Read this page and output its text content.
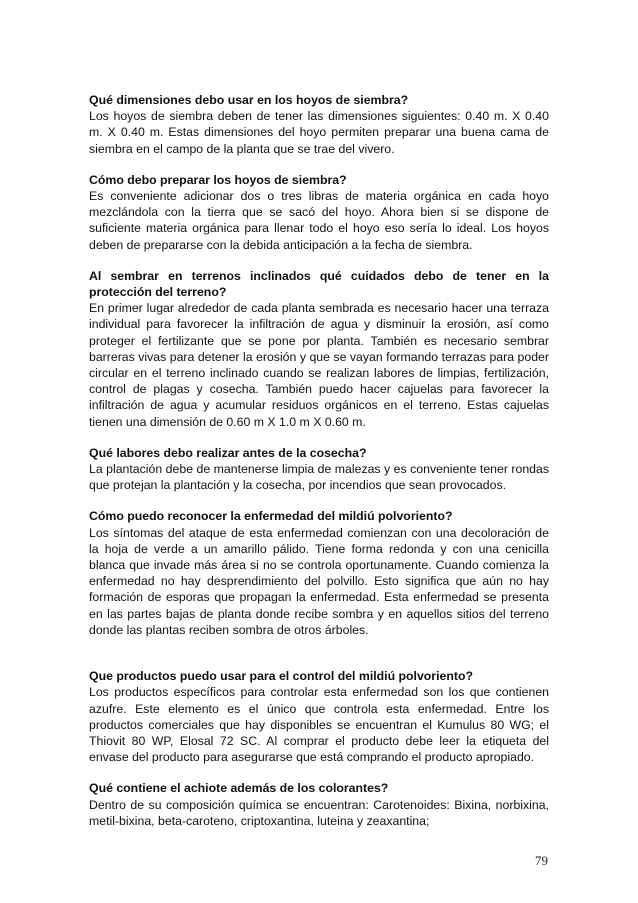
Qué dimensiones debo usar en los hoyos de siembra?

Los hoyos de siembra deben de tener las dimensiones siguientes: 0.40 m. X 0.40 m. X 0.40 m. Estas dimensiones del hoyo permiten preparar una buena cama de siembra en el campo de la planta que se trae del vivero.

Cómo debo preparar los hoyos de siembra?

Es conveniente adicionar dos o tres libras de materia orgánica en cada hoyo mezclándola con la tierra que se sacó del hoyo. Ahora bien si se dispone de suficiente materia orgánica para llenar todo el hoyo eso sería lo ideal. Los hoyos deben de prepararse con la debida anticipación a la fecha de siembra.

Al sembrar en terrenos inclinados qué cuidados debo de tener en la protección del terreno?

En primer lugar alrededor de cada planta sembrada es necesario hacer una terraza individual para favorecer la infiltración de agua y disminuir la erosión, así como proteger el fertilizante que se pone por planta. También es necesario sembrar barreras vivas para detener la erosión y que se vayan formando terrazas para poder circular en el terreno inclinado cuando se realizan labores de limpias, fertilización, control de plagas y cosecha. También puedo hacer cajuelas para favorecer la infiltración de agua y acumular residuos orgánicos en el terreno. Estas cajuelas tienen una dimensión de 0.60 m X 1.0 m X 0.60 m.

Qué labores debo realizar antes de la cosecha?

La plantación debe de mantenerse limpia de malezas y es conveniente tener rondas que protejan la plantación y la cosecha, por incendios que sean provocados.

Cómo puedo reconocer la enfermedad del mildiú polvoriento?

Los síntomas del ataque de esta enfermedad comienzan con una decoloración de la hoja de verde a un amarillo pálido. Tiene forma redonda y con una cenicilla blanca que invade más área si no se controla oportunamente. Cuando comienza la enfermedad no hay desprendimiento del polvillo. Esto significa que aún no hay formación de esporas que propagan la enfermedad. Esta enfermedad se presenta en las partes bajas de planta donde recibe sombra y en aquellos sitios del terreno donde las plantas reciben sombra de otros árboles.

Que productos puedo usar para el control del mildiú polvoriento?

Los productos específicos para controlar esta enfermedad son los que contienen azufre. Este elemento es el único que controla esta enfermedad. Entre los productos comerciales que hay disponibles se encuentran el Kumulus 80 WG; el Thiovit 80 WP, Elosal 72 SC. Al comprar el producto debe leer la etiqueta del envase del producto para asegurarse que está comprando el producto apropiado.

Qué contiene el achiote además de los colorantes?

Dentro de su composición química se encuentran: Carotenoides: Bixina, norbixina, metil-bixina, beta-caroteno, criptoxantina, luteina y zeaxantina;

79
